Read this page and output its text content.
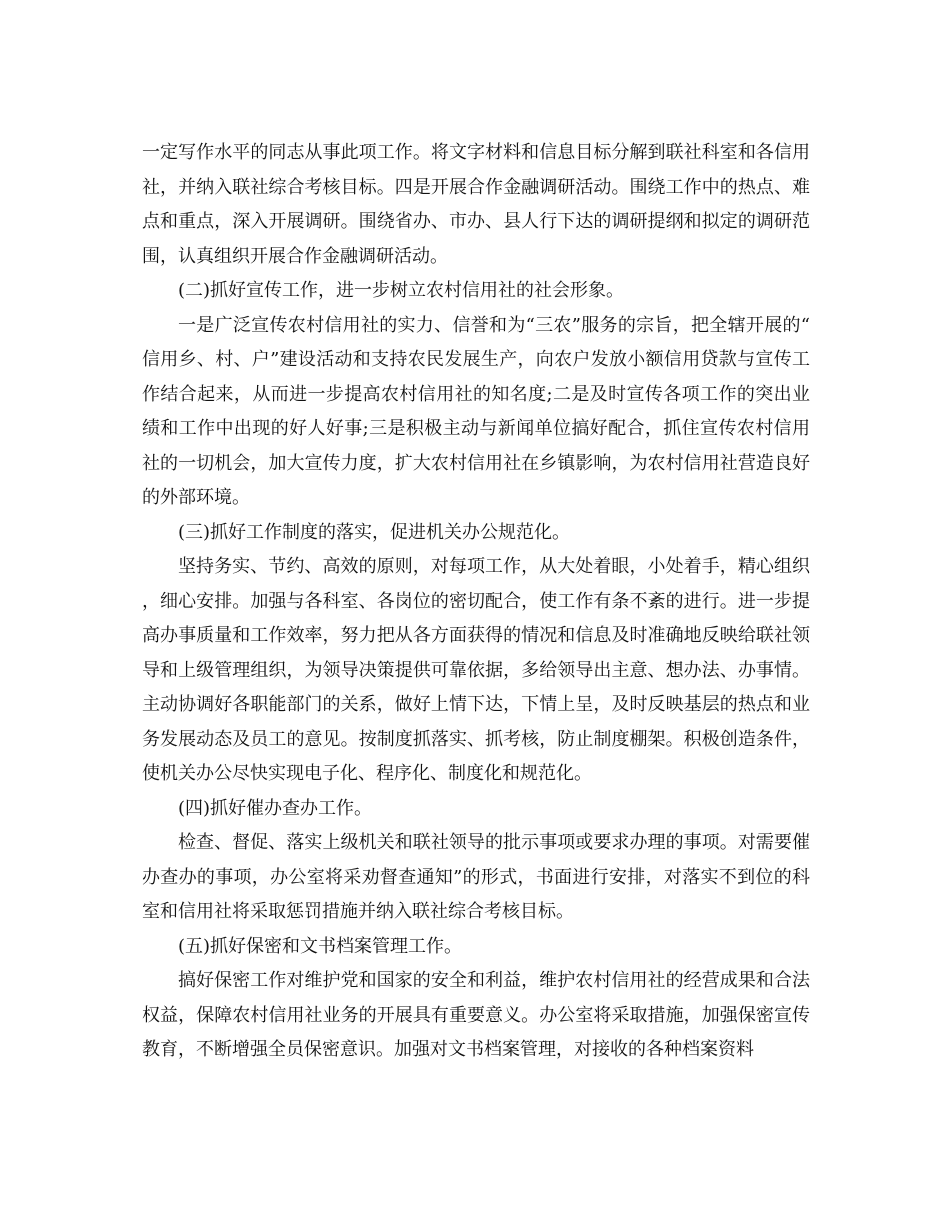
一定写作水平的同志从事此项工作。将文字材料和信息目标分解到联社科室和各信用社，并纳入联社综合考核目标。四是开展合作金融调研活动。围绕工作中的热点、难点和重点，深入开展调研。围绕省办、市办、县人行下达的调研提纲和拟定的调研范围，认真组织开展合作金融调研活动。

(二)抓好宣传工作，进一步树立农村信用社的社会形象。

一是广泛宣传农村信用社的实力、信誉和为“三农”服务的宗旨，把全辖开展的“信用乡、村、户”建设活动和支持农民发展生产，向农户发放小额信用贷款与宣传工作结合起来，从而进一步提高农村信用社的知名度;二是及时宣传各项工作的突出业绩和工作中出现的好人好事;三是积极主动与新闻单位搞好配合，抓住宣传农村信用社的一切机会，加大宣传力度，扩大农村信用社在乡镇影响，为农村信用社营造良好的外部环境。

(三)抓好工作制度的落实，促进机关办公规范化。

坚持务实、节约、高效的原则，对每项工作，从大处着眼，小处着手，精心组织，细心安排。加强与各科室、各岗位的密切配合，使工作有条不紊的进行。进一步提高办事质量和工作效率，努力把从各方面获得的情况和信息及时准确地反映给联社领导和上级管理组织，为领导决策提供可靠依据，多给领导出主意、想办法、办事情。主动协调好各职能部门的关系，做好上情下达，下情上呈，及时反映基层的热点和业务发展动态及员工的意见。按制度抓落实、抓考核，防止制度棚架。积极创造条件，使机关办公尽快实现电子化、程序化、制度化和规范化。

(四)抓好催办查办工作。

检查、督促、落实上级机关和联社领导的批示事项或要求办理的事项。对需要催办查办的事项，办公室将采劝督查通知”的形式，书面进行安排，对落实不到位的科室和信用社将采取惩罚措施并纳入联社综合考核目标。

(五)抓好保密和文书档案管理工作。

搞好保密工作对维护党和国家的安全和利益，维护农村信用社的经营成果和合法权益，保障农村信用社业务的开展具有重要意义。办公室将采取措施，加强保密宣传教育，不断增强全员保密意识。加强对文书档案管理，对接收的各种档案资料
